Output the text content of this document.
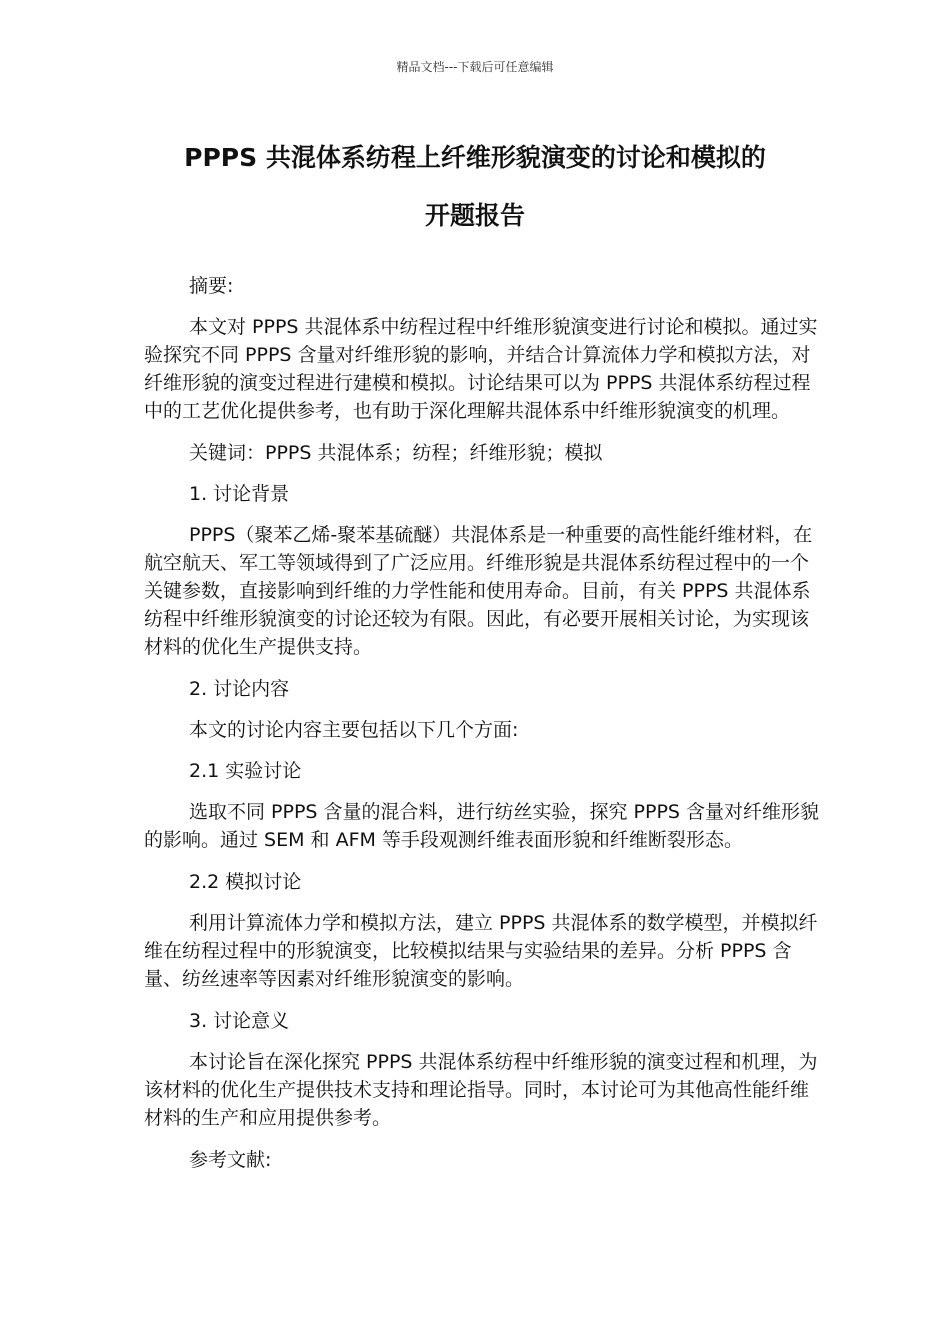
精品文档---下载后可任意编辑
PPPS 共混体系纺程上纤维形貌演变的讨论和模拟的
开题报告

摘要:

本文对 PPPS 共混体系中纺程过程中纤维形貌演变进行讨论和模拟。通过实验探究不同 PPPS 含量对纤维形貌的影响，并结合计算流体力学和模拟方法，对纤维形貌的演变过程进行建模和模拟。讨论结果可以为 PPPS 共混体系纺程过程中的工艺优化提供参考，也有助于深化理解共混体系中纤维形貌演变的机理。

关键词：PPPS 共混体系；纺程；纤维形貌；模拟

1. 讨论背景

PPPS（聚苯乙烯-聚苯基硫醚）共混体系是一种重要的高性能纤维材料，在航空航天、军工等领域得到了广泛应用。纤维形貌是共混体系纺程过程中的一个关键参数，直接影响到纤维的力学性能和使用寿命。目前，有关 PPPS 共混体系纺程中纤维形貌演变的讨论还较为有限。因此，有必要开展相关讨论，为实现该材料的优化生产提供支持。

2. 讨论内容

本文的讨论内容主要包括以下几个方面:

2.1 实验讨论

选取不同 PPPS 含量的混合料，进行纺丝实验，探究 PPPS 含量对纤维形貌的影响。通过 SEM 和 AFM 等手段观测纤维表面形貌和纤维断裂形态。

2.2 模拟讨论

利用计算流体力学和模拟方法，建立 PPPS 共混体系的数学模型，并模拟纤维在纺程过程中的形貌演变，比较模拟结果与实验结果的差异。分析 PPPS 含量、纺丝速率等因素对纤维形貌演变的影响。

3. 讨论意义

本讨论旨在深化探究 PPPS 共混体系纺程中纤维形貌的演变过程和机理，为该材料的优化生产提供技术支持和理论指导。同时，本讨论可为其他高性能纤维材料的生产和应用提供参考。

参考文献:
